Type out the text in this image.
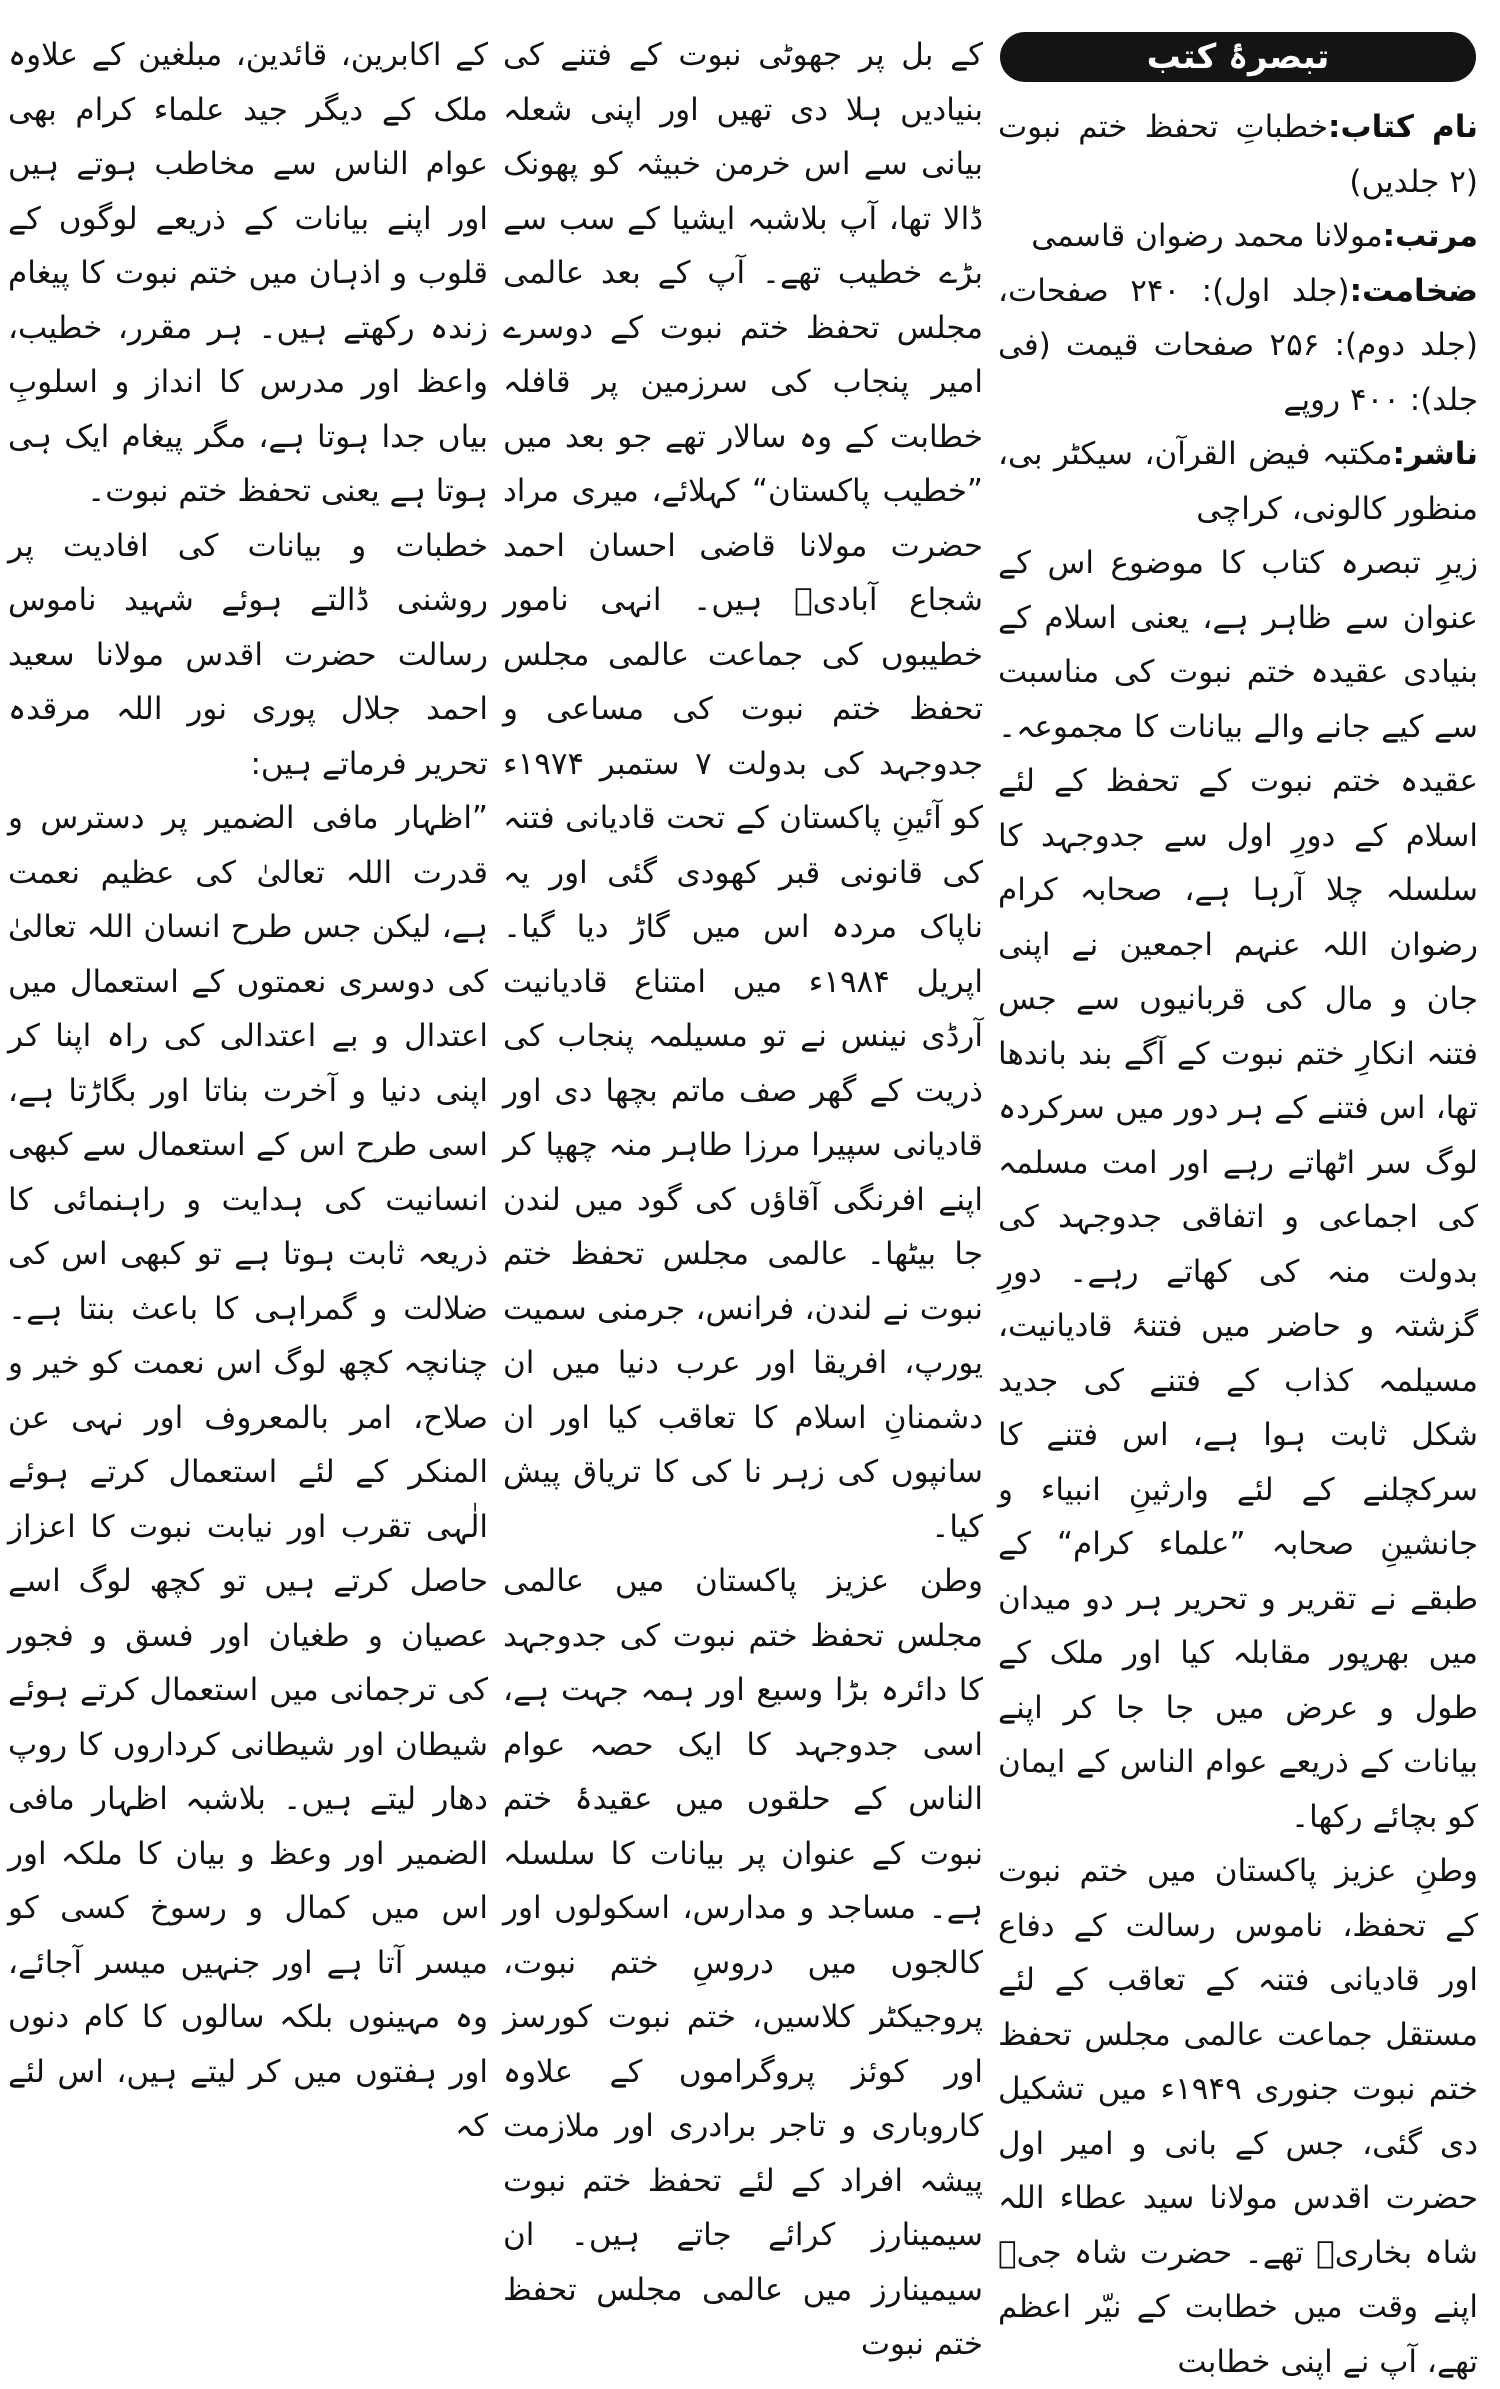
تبصرۂ کتب

نام کتاب:خطباتِ تحفظ ختم نبوت (۲ جلدیں)

مرتب:مولانا محمد رضوان قاسمی

ضخامت:(جلد اول): ۲۴۰ صفحات، (جلد دوم): ۲۵۶ صفحات قیمت (فی جلد): ۴۰۰ روپے

ناشر:مکتبہ فیض القرآن، سیکٹر بی، منظور کالونی، کراچی

زیرِ تبصرہ کتاب کا موضوع اس کے عنوان سے ظاہر ہے، یعنی اسلام کے بنیادی عقیدہ ختم نبوت کی مناسبت سے کیے جانے والے بیانات کا مجموعہ۔ عقیدہ ختم نبوت کے تحفظ کے لئے اسلام کے دورِ اول سے جدوجہد کا سلسلہ چلا آرہا ہے، صحابہ کرام رضوان اللہ عنہم اجمعین نے اپنی جان و مال کی قربانیوں سے جس فتنہ انکارِ ختم نبوت کے آگے بند باندھا تھا، اس فتنے کے ہر دور میں سرکردہ لوگ سر اٹھاتے رہے اور امت مسلمہ کی اجماعی و اتفاقی جدوجہد کی بدولت منہ کی کھاتے رہے۔ دورِ گزشتہ و حاضر میں فتنۂ قادیانیت، مسیلمہ کذاب کے فتنے کی جدید شکل ثابت ہوا ہے، اس فتنے کا سرکچلنے کے لئے وارثینِ انبیاء و جانشینِ صحابہ ”علماء کرام“ کے طبقے نے تقریر و تحریر ہر دو میدان میں بھرپور مقابلہ کیا اور ملک کے طول و عرض میں جا جا کر اپنے بیانات کے ذریعے عوام الناس کے ایمان کو بچائے رکھا۔

وطنِ عزیز پاکستان میں ختم نبوت کے تحفظ، ناموس رسالت کے دفاع اور قادیانی فتنہ کے تعاقب کے لئے مستقل جماعت عالمی مجلس تحفظ ختم نبوت جنوری ۱۹۴۹ء میں تشکیل دی گئی، جس کے بانی و امیر اول حضرت اقدس مولانا سید عطاء اللہ شاہ بخاریؒ تھے۔ حضرت شاہ جیؒ اپنے وقت میں خطابت کے نیّر اعظم تھے، آپ نے اپنی خطابت

کے بل پر جھوٹی نبوت کے فتنے کی بنیادیں ہلا دی تھیں اور اپنی شعلہ بیانی سے اس خرمن خبیثہ کو پھونک ڈالا تھا، آپ بلاشبہ ایشیا کے سب سے بڑے خطیب تھے۔ آپ کے بعد عالمی مجلس تحفظ ختم نبوت کے دوسرے امیر پنجاب کی سرزمین پر قافلہ خطابت کے وہ سالار تھے جو بعد میں ”خطیب پاکستان“ کہلائے، میری مراد حضرت مولانا قاضی احسان احمد شجاع آبادیؒ ہیں۔ انہی نامور خطیبوں کی جماعت عالمی مجلس تحفظ ختم نبوت کی مساعی و جدوجہد کی بدولت ۷ ستمبر ۱۹۷۴ء کو آئینِ پاکستان کے تحت قادیانی فتنہ کی قانونی قبر کھودی گئی اور یہ ناپاک مردہ اس میں گاڑ دیا گیا۔ اپریل ۱۹۸۴ء میں امتناع قادیانیت آرڈی نینس نے تو مسیلمہ پنجاب کی ذریت کے گھر صف ماتم بچھا دی اور قادیانی سپیرا مرزا طاہر منہ چھپا کر اپنے افرنگی آقاؤں کی گود میں لندن جا بیٹھا۔ عالمی مجلس تحفظ ختم نبوت نے لندن، فرانس، جرمنی سمیت یورپ، افریقا اور عرب دنیا میں ان دشمنانِ اسلام کا تعاقب کیا اور ان سانپوں کی زہر نا کی کا تریاق پیش کیا۔

وطن عزیز پاکستان میں عالمی مجلس تحفظ ختم نبوت کی جدوجہد کا دائرہ بڑا وسیع اور ہمہ جہت ہے، اسی جدوجہد کا ایک حصہ عوام الناس کے حلقوں میں عقیدۂ ختم نبوت کے عنوان پر بیانات کا سلسلہ ہے۔ مساجد و مدارس، اسکولوں اور کالجوں میں دروسِ ختم نبوت، پروجیکٹر کلاسیں، ختم نبوت کورسز اور کوئز پروگراموں کے علاوہ کاروباری و تاجر برادری اور ملازمت پیشہ افراد کے لئے تحفظ ختم نبوت سیمینارز کرائے جاتے ہیں۔ ان سیمینارز میں عالمی مجلس تحفظ ختم نبوت

کے اکابرین، قائدین، مبلغین کے علاوہ ملک کے دیگر جید علماء کرام بھی عوام الناس سے مخاطب ہوتے ہیں اور اپنے بیانات کے ذریعے لوگوں کے قلوب و اذہان میں ختم نبوت کا پیغام زندہ رکھتے ہیں۔ ہر مقرر، خطیب، واعظ اور مدرس کا انداز و اسلوبِ بیاں جدا ہوتا ہے، مگر پیغام ایک ہی ہوتا ہے یعنی تحفظ ختم نبوت۔

خطبات و بیانات کی افادیت پر روشنی ڈالتے ہوئے شہید ناموس رسالت حضرت اقدس مولانا سعید احمد جلال پوری نور اللہ مرقدہ تحریر فرماتے ہیں:

”اظہار مافی الضمیر پر دسترس و قدرت اللہ تعالیٰ کی عظیم نعمت ہے، لیکن جس طرح انسان اللہ تعالیٰ کی دوسری نعمتوں کے استعمال میں اعتدال و بے اعتدالی کی راہ اپنا کر اپنی دنیا و آخرت بناتا اور بگاڑتا ہے، اسی طرح اس کے استعمال سے کبھی انسانیت کی ہدایت و راہنمائی کا ذریعہ ثابت ہوتا ہے تو کبھی اس کی ضلالت و گمراہی کا باعث بنتا ہے۔ چنانچہ کچھ لوگ اس نعمت کو خیر و صلاح، امر بالمعروف اور نہی عن المنکر کے لئے استعمال کرتے ہوئے الٰہی تقرب اور نیابت نبوت کا اعزاز حاصل کرتے ہیں تو کچھ لوگ اسے عصیان و طغیان اور فسق و فجور کی ترجمانی میں استعمال کرتے ہوئے شیطان اور شیطانی کرداروں کا روپ دھار لیتے ہیں۔ بلاشبہ اظہار مافی الضمیر اور وعظ و بیان کا ملکہ اور اس میں کمال و رسوخ کسی کو میسر آتا ہے اور جنہیں میسر آجائے، وہ مہینوں بلکہ سالوں کا کام دنوں اور ہفتوں میں کر لیتے ہیں، اس لئے کہ
